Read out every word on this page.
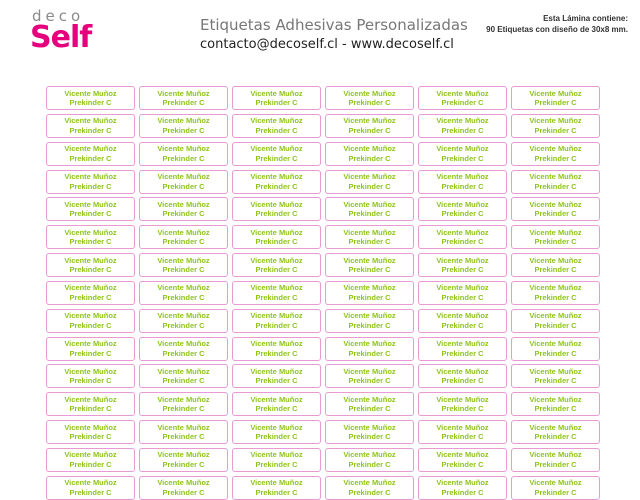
deco
Self	Etiquetas Adhesivas Personalizadas
contacto@decoself.cl - www.decoself.cl
Esta Lámina contiene:
90 Etiquetas con diseño de 30x8 mm.
Vicente Muñoz
Prekinder C
Vicente Muñoz
Prekinder C
Vicente Muñoz
Prekinder C
Vicente Muñoz
Prekinder C
Vicente Muñoz
Prekinder C
Vicente Muñoz
Prekinder C
Vicente Muñoz
Prekinder C
Vicente Muñoz
Prekinder C
Vicente Muñoz
Prekinder C
Vicente Muñoz
Prekinder C
Vicente Muñoz
Prekinder C
Vicente Muñoz
Prekinder C
Vicente Muñoz
Prekinder C
Vicente Muñoz
Prekinder C
Vicente Muñoz
Prekinder C
Vicente Muñoz
Prekinder C
Vicente Muñoz
Prekinder C
Vicente Muñoz
Prekinder C
Vicente Muñoz
Prekinder C
Vicente Muñoz
Prekinder C
Vicente Muñoz
Prekinder C
Vicente Muñoz
Prekinder C
Vicente Muñoz
Prekinder C
Vicente Muñoz
Prekinder C
Vicente Muñoz
Prekinder C
Vicente Muñoz
Prekinder C
Vicente Muñoz
Prekinder C
Vicente Muñoz
Prekinder C
Vicente Muñoz
Prekinder C
Vicente Muñoz
Prekinder C
Vicente Muñoz
Prekinder C
Vicente Muñoz
Prekinder C
Vicente Muñoz
Prekinder C
Vicente Muñoz
Prekinder C
Vicente Muñoz
Prekinder C
Vicente Muñoz
Prekinder C
Vicente Muñoz
Prekinder C
Vicente Muñoz
Prekinder C
Vicente Muñoz
Prekinder C
Vicente Muñoz
Prekinder C
Vicente Muñoz
Prekinder C
Vicente Muñoz
Prekinder C
Vicente Muñoz
Prekinder C
Vicente Muñoz
Prekinder C
Vicente Muñoz
Prekinder C
Vicente Muñoz
Prekinder C
Vicente Muñoz
Prekinder C
Vicente Muñoz
Prekinder C
Vicente Muñoz
Prekinder C
Vicente Muñoz
Prekinder C
Vicente Muñoz
Prekinder C
Vicente Muñoz
Prekinder C
Vicente Muñoz
Prekinder C
Vicente Muñoz
Prekinder C
Vicente Muñoz
Prekinder C
Vicente Muñoz
Prekinder C
Vicente Muñoz
Prekinder C
Vicente Muñoz
Prekinder C
Vicente Muñoz
Prekinder C
Vicente Muñoz
Prekinder C
Vicente Muñoz
Prekinder C
Vicente Muñoz
Prekinder C
Vicente Muñoz
Prekinder C
Vicente Muñoz
Prekinder C
Vicente Muñoz
Prekinder C
Vicente Muñoz
Prekinder C
Vicente Muñoz
Prekinder C
Vicente Muñoz
Prekinder C
Vicente Muñoz
Prekinder C
Vicente Muñoz
Prekinder C
Vicente Muñoz
Prekinder C
Vicente Muñoz
Prekinder C
Vicente Muñoz
Prekinder C
Vicente Muñoz
Prekinder C
Vicente Muñoz
Prekinder C
Vicente Muñoz
Prekinder C
Vicente Muñoz
Prekinder C
Vicente Muñoz
Prekinder C
Vicente Muñoz
Prekinder C
Vicente Muñoz
Prekinder C
Vicente Muñoz
Prekinder C
Vicente Muñoz
Prekinder C
Vicente Muñoz
Prekinder C
Vicente Muñoz
Prekinder C
Vicente Muñoz
Prekinder C
Vicente Muñoz
Prekinder C
Vicente Muñoz
Prekinder C
Vicente Muñoz
Prekinder C
Vicente Muñoz
Prekinder C
Vicente Muñoz
Prekinder C
